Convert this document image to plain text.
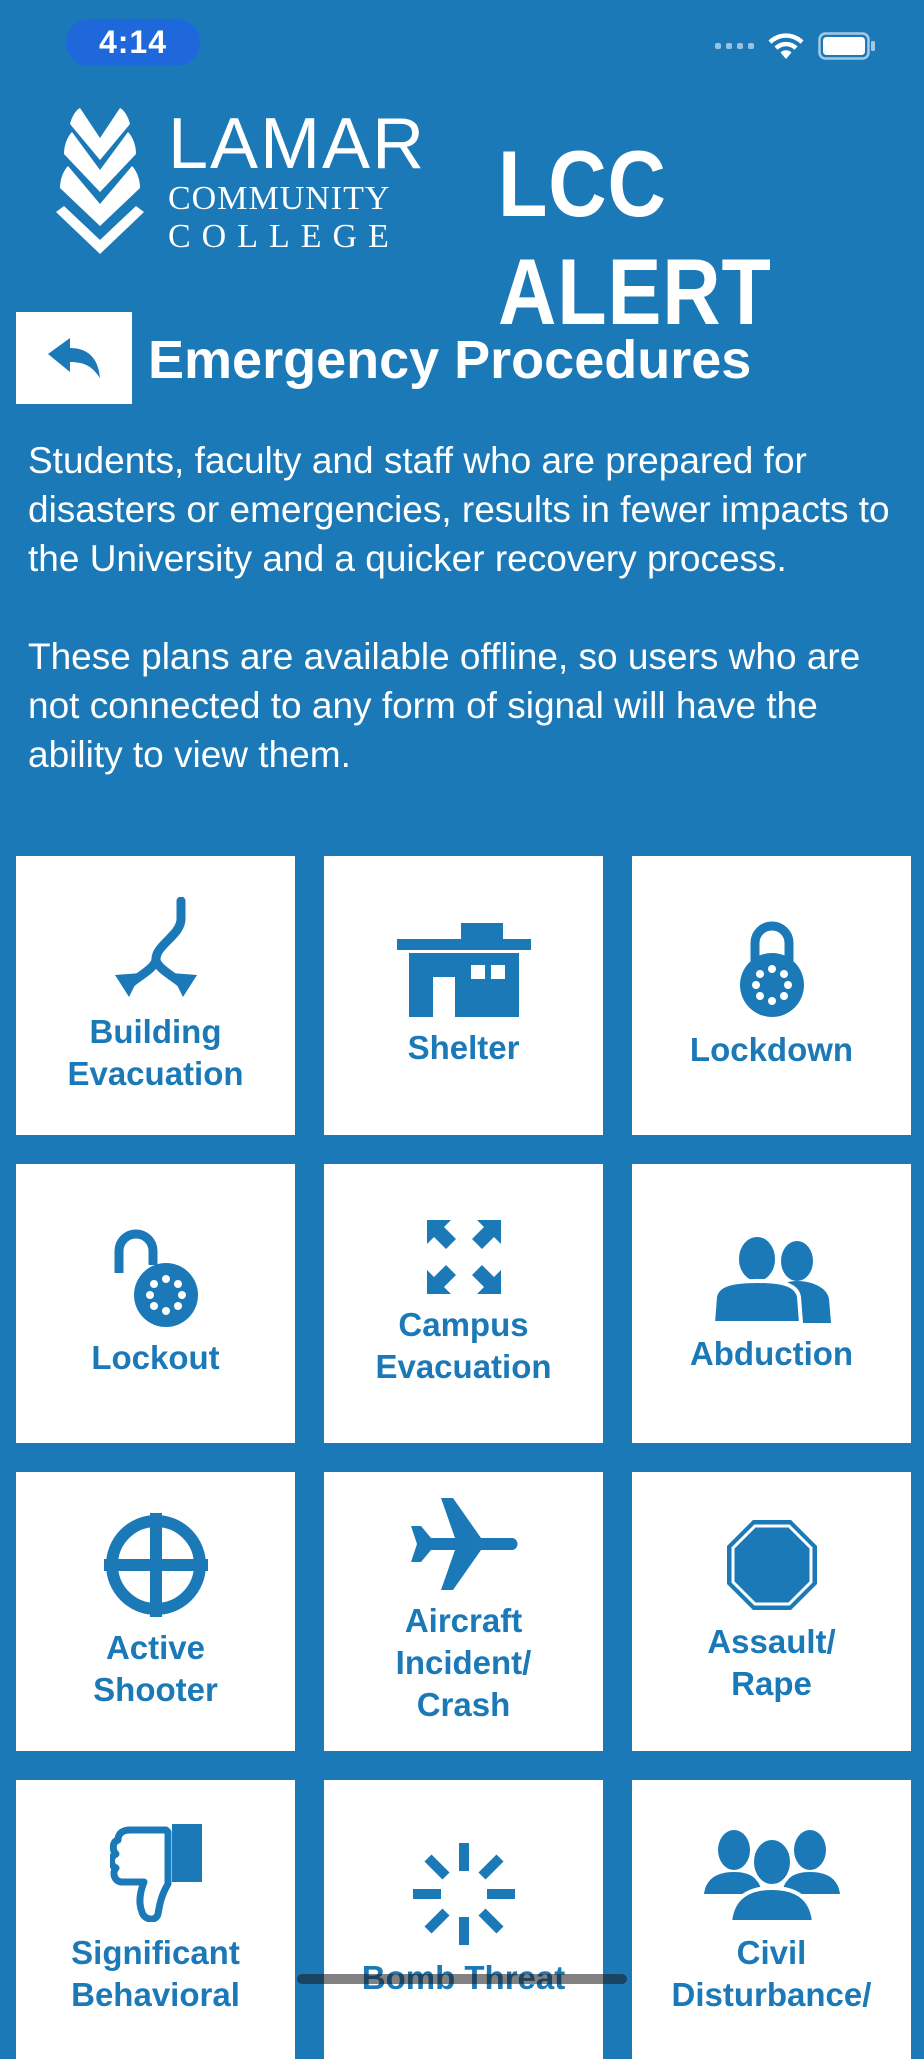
4:14
LAMAR
COMMUNITY
COLLEGE
LCC ALERT
Emergency Procedures

Students, faculty and staff who are prepared for disasters or emergencies, results in fewer impacts to the University and a quicker recovery process.

These plans are available offline, so users who are not connected to any form of signal will have the ability to view them.

Building
Evacuation
Shelter	Lockdown
Lockout
Campus
Evacuation	Abduction
Active
Shooter
Aircraft
Incident/
Crash
Assault/
Rape
Significant
Behavioral
Civil
Disturbance/
